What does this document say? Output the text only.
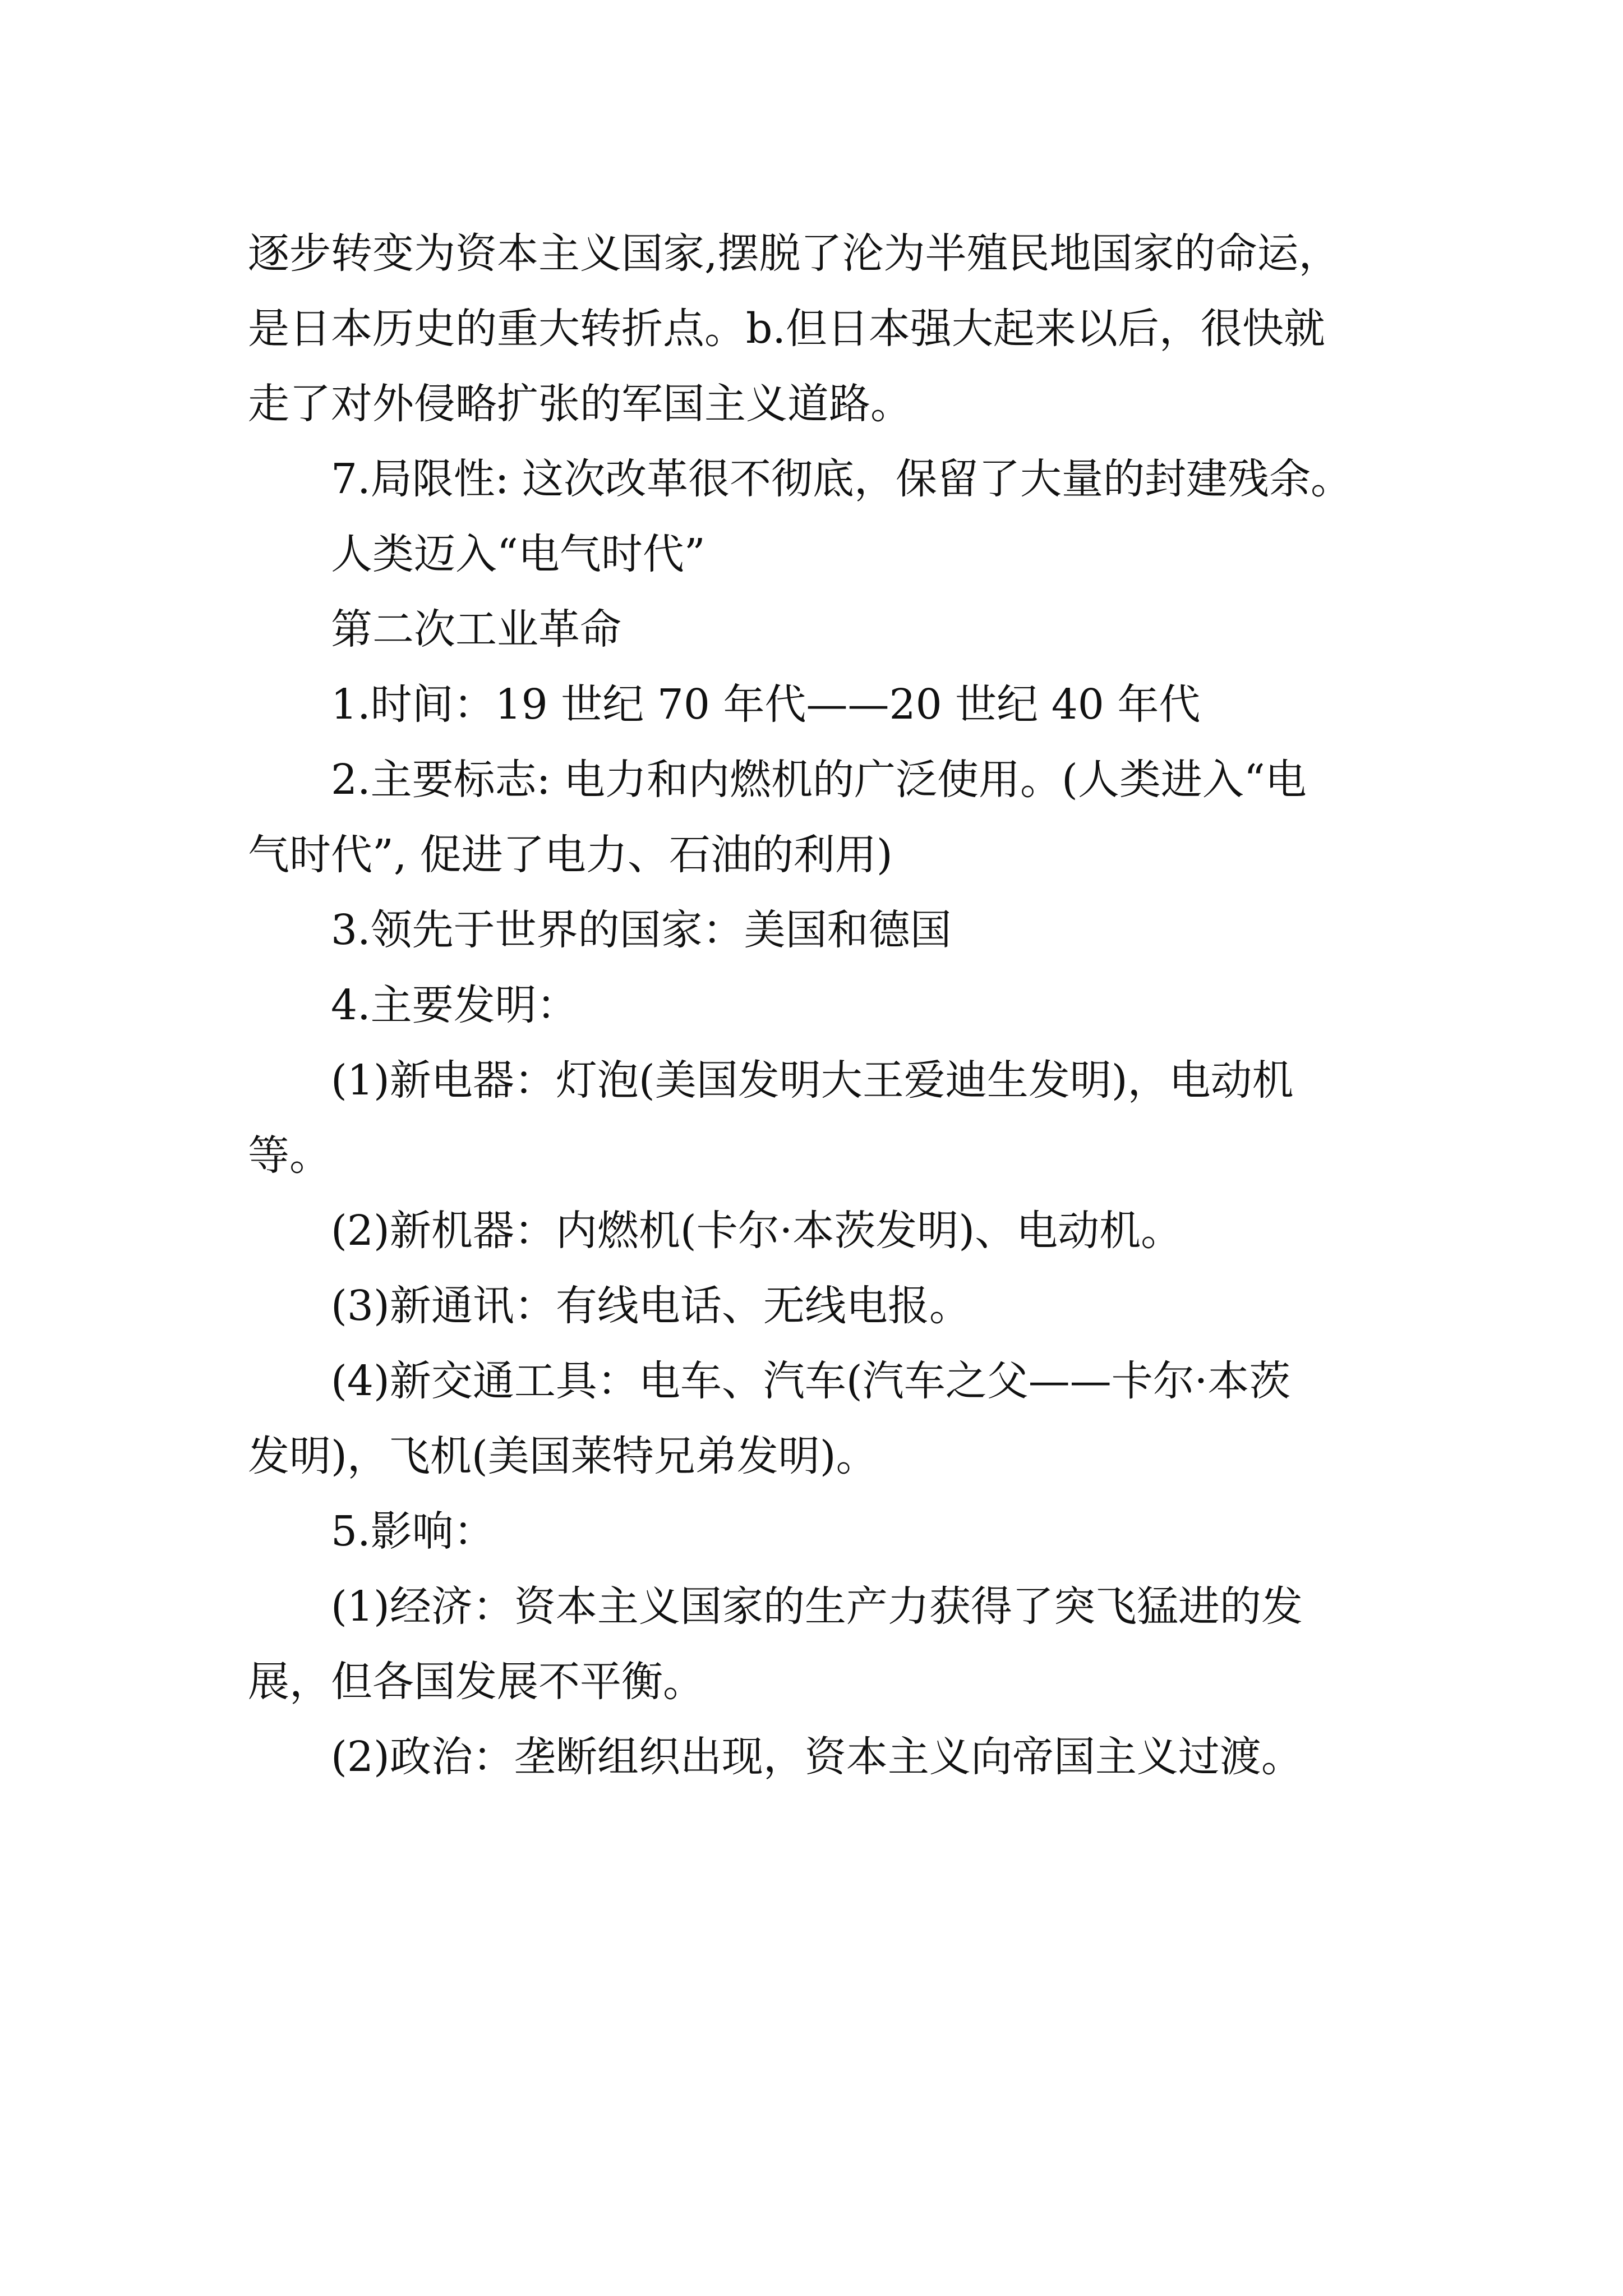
逐步转变为资本主义国家,摆脱了沦为半殖民地国家的命运，
是日本历史的重大转折点。b.但日本强大起来以后，很快就
走了对外侵略扩张的军国主义道路。

7.局限性: 这次改革很不彻底，保留了大量的封建残余。

人类迈入“电气时代”

第二次工业革命

1.时间：19 世纪 70 年代——20 世纪 40 年代

2.主要标志: 电力和内燃机的广泛使用。(人类进入“电
气时代”, 促进了电力、石油的利用)

3.领先于世界的国家：美国和德国

4.主要发明：

(1)新电器：灯泡(美国发明大王爱迪生发明)，电动机
等。

(2)新机器：内燃机(卡尔·本茨发明)、电动机。

(3)新通讯：有线电话、无线电报。

(4)新交通工具：电车、汽车(汽车之父——卡尔·本茨
发明)，飞机(美国莱特兄弟发明)。

5.影响：

(1)经济：资本主义国家的生产力获得了突飞猛进的发
展，但各国发展不平衡。

(2)政治：垄断组织出现，资本主义向帝国主义过渡。
